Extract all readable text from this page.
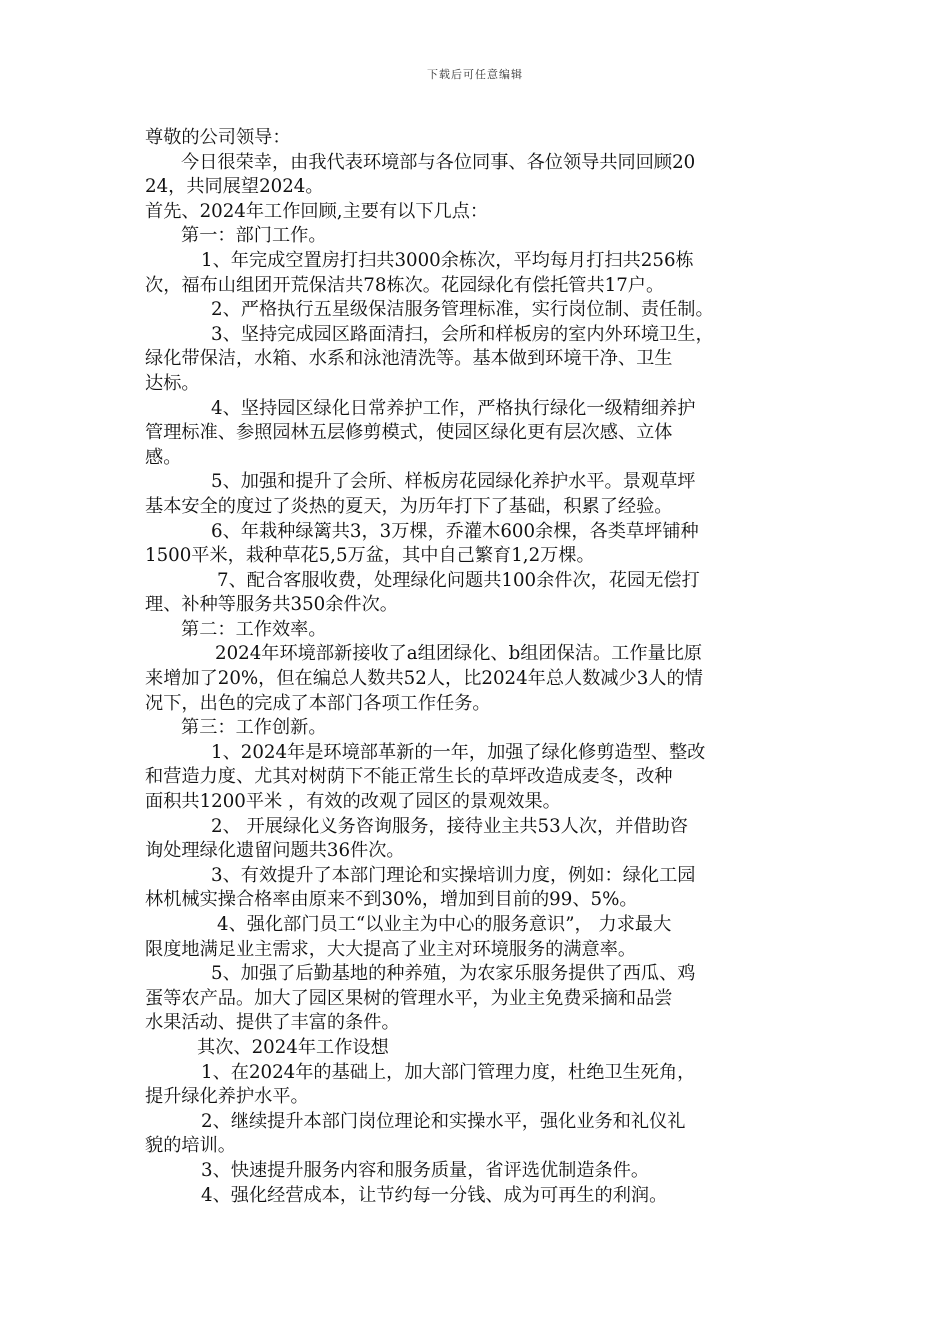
下载后可任意编辑
尊敬的公司领导：
今日很荣幸，由我代表环境部与各位同事、各位领导共同回顾20
24，共同展望2024。
首先、2024年工作回顾,主要有以下几点：
第一：部门工作。
1、年完成空置房打扫共3000余栋次，平均每月打扫共256栋
次，福布山组团开荒保洁共78栋次。花园绿化有偿托管共17户。
2、严格执行五星级保洁服务管理标准，实行岗位制、责任制。
3、坚持完成园区路面清扫，会所和样板房的室内外环境卫生，
绿化带保洁，水箱、水系和泳池清洗等。基本做到环境干净、卫生
达标。
4、坚持园区绿化日常养护工作，严格执行绿化一级精细养护
管理标准、参照园林五层修剪模式，使园区绿化更有层次感、立体
感。
5、加强和提升了会所、样板房花园绿化养护水平。景观草坪
基本安全的度过了炎热的夏天，为历年打下了基础，积累了经验。
6、年栽种绿篱共3，3万棵，乔灌木600余棵，各类草坪铺种
1500平米，栽种草花5,5万盆，其中自己繁育1,2万棵。
7、配合客服收费，处理绿化问题共100余件次，花园无偿打
理、补种等服务共350余件次。
第二：工作效率。
2024年环境部新接收了a组团绿化、b组团保洁。工作量比原
来增加了20%，但在编总人数共52人，比2024年总人数减少3人的情
况下，出色的完成了本部门各项工作任务。
第三：工作创新。
1、2024年是环境部革新的一年，加强了绿化修剪造型、整改
和营造力度、尤其对树荫下不能正常生长的草坪改造成麦冬，改种
面积共1200平米 ，有效的改观了园区的景观效果。
2、 开展绿化义务咨询服务，接待业主共53人次，并借助咨
询处理绿化遗留问题共36件次。
3、有效提升了本部门理论和实操培训力度，例如：绿化工园
林机械实操合格率由原来不到30%，增加到目前的99、5%。
4、强化部门员工“以业主为中心的服务意识”， 力求最大
限度地满足业主需求，大大提高了业主对环境服务的满意率。
5、加强了后勤基地的种养殖，为农家乐服务提供了西瓜、鸡
蛋等农产品。加大了园区果树的管理水平，为业主免费采摘和品尝
水果活动、提供了丰富的条件。
其次、2024年工作设想
1、在2024年的基础上，加大部门管理力度，杜绝卫生死角，
提升绿化养护水平。
2、继续提升本部门岗位理论和实操水平，强化业务和礼仪礼
貌的培训。
3、快速提升服务内容和服务质量，省评选优制造条件。
4、强化经营成本，让节约每一分钱、成为可再生的利润。
